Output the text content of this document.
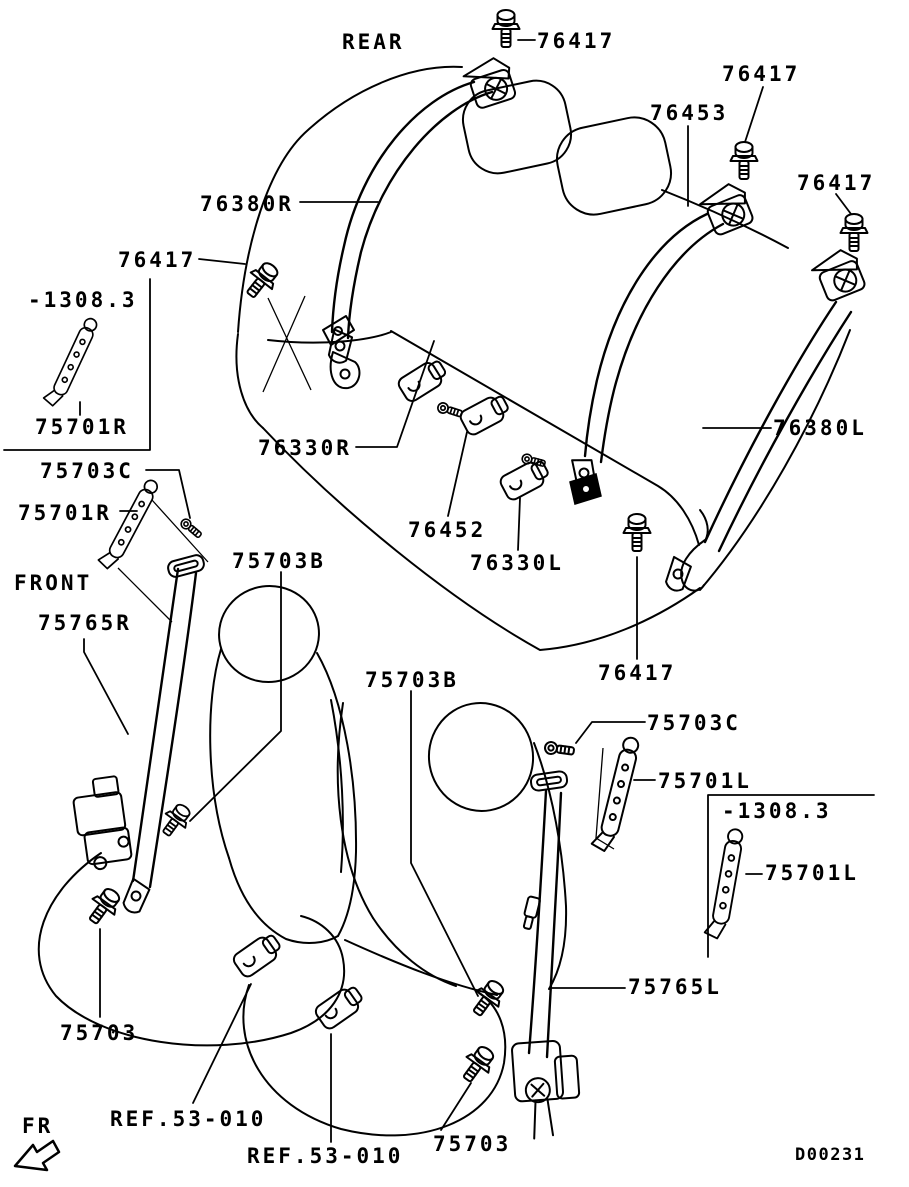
REAR	76417
76417
76453
76417
76380R
76417
-1308.3
75701R
75703C
75701R
FRONT
75765R
75703B
76330R
76452
76330L
76380L
76417
75703B
75703C
75701L
-1308.3
75701L
75765L
75703
REF.53-010
REF.53-010 75703	D00231
FR
